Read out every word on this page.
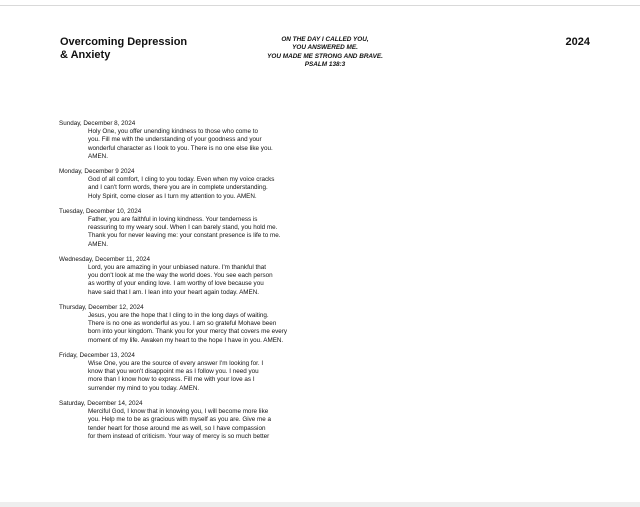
Overcoming Depression
& Anxiety
ON THE DAY I CALLED YOU,
YOU ANSWERED ME.
YOU MADE ME STRONG AND BRAVE.
PSALM 138:3
2024
Sunday, December 8, 2024
Holy One, you offer unending kindness to those who come to
you. Fill me with the understanding of your goodness and your
wonderful character as I look to you. There is no one else like you.
AMEN.
Monday, December 9 2024
God of all comfort, I cling to you today. Even when my voice cracks
and I can't form words, there you are in complete understanding.
Holy Spirit, come closer as I turn my attention to you. AMEN.
Tuesday, December 10, 2024
Father, you are faithful in loving kindness. Your tenderness is
reassuring to my weary soul. When I can barely stand, you hold me.
Thank you for never leaving me: your constant presence is life to me.
AMEN.
Wednesday, December 11, 2024
Lord, you are amazing in your unbiased nature. I'm thankful that
you don't look at me the way the world does. You see each person
as worthy of your ending love. I am worthy of love because you
have said that I am. I lean into your heart again today. AMEN.
Thursday, December 12, 2024
Jesus, you are the hope that I cling to in the long days of waiting.
There is no one as wonderful as you. I am so grateful Mohave been
born into your kingdom. Thank you for your mercy that covers me every
moment of my life. Awaken my heart to the hope I have in you. AMEN.
Friday, December 13, 2024
Wise One, you are the source of every answer I'm looking for. I
know that you won't disappoint me as I follow you. I need you
more than I know how to express. Fill me with your love as I
surrender my mind to you today. AMEN.
Saturday, December 14, 2024
Merciful God, I know that in knowing you, I will become more like
you. Help me to be as gracious with myself as you are. Give me a
tender heart for those around me as well, so I have compassion
for them instead of criticism. Your way of mercy is so much better
